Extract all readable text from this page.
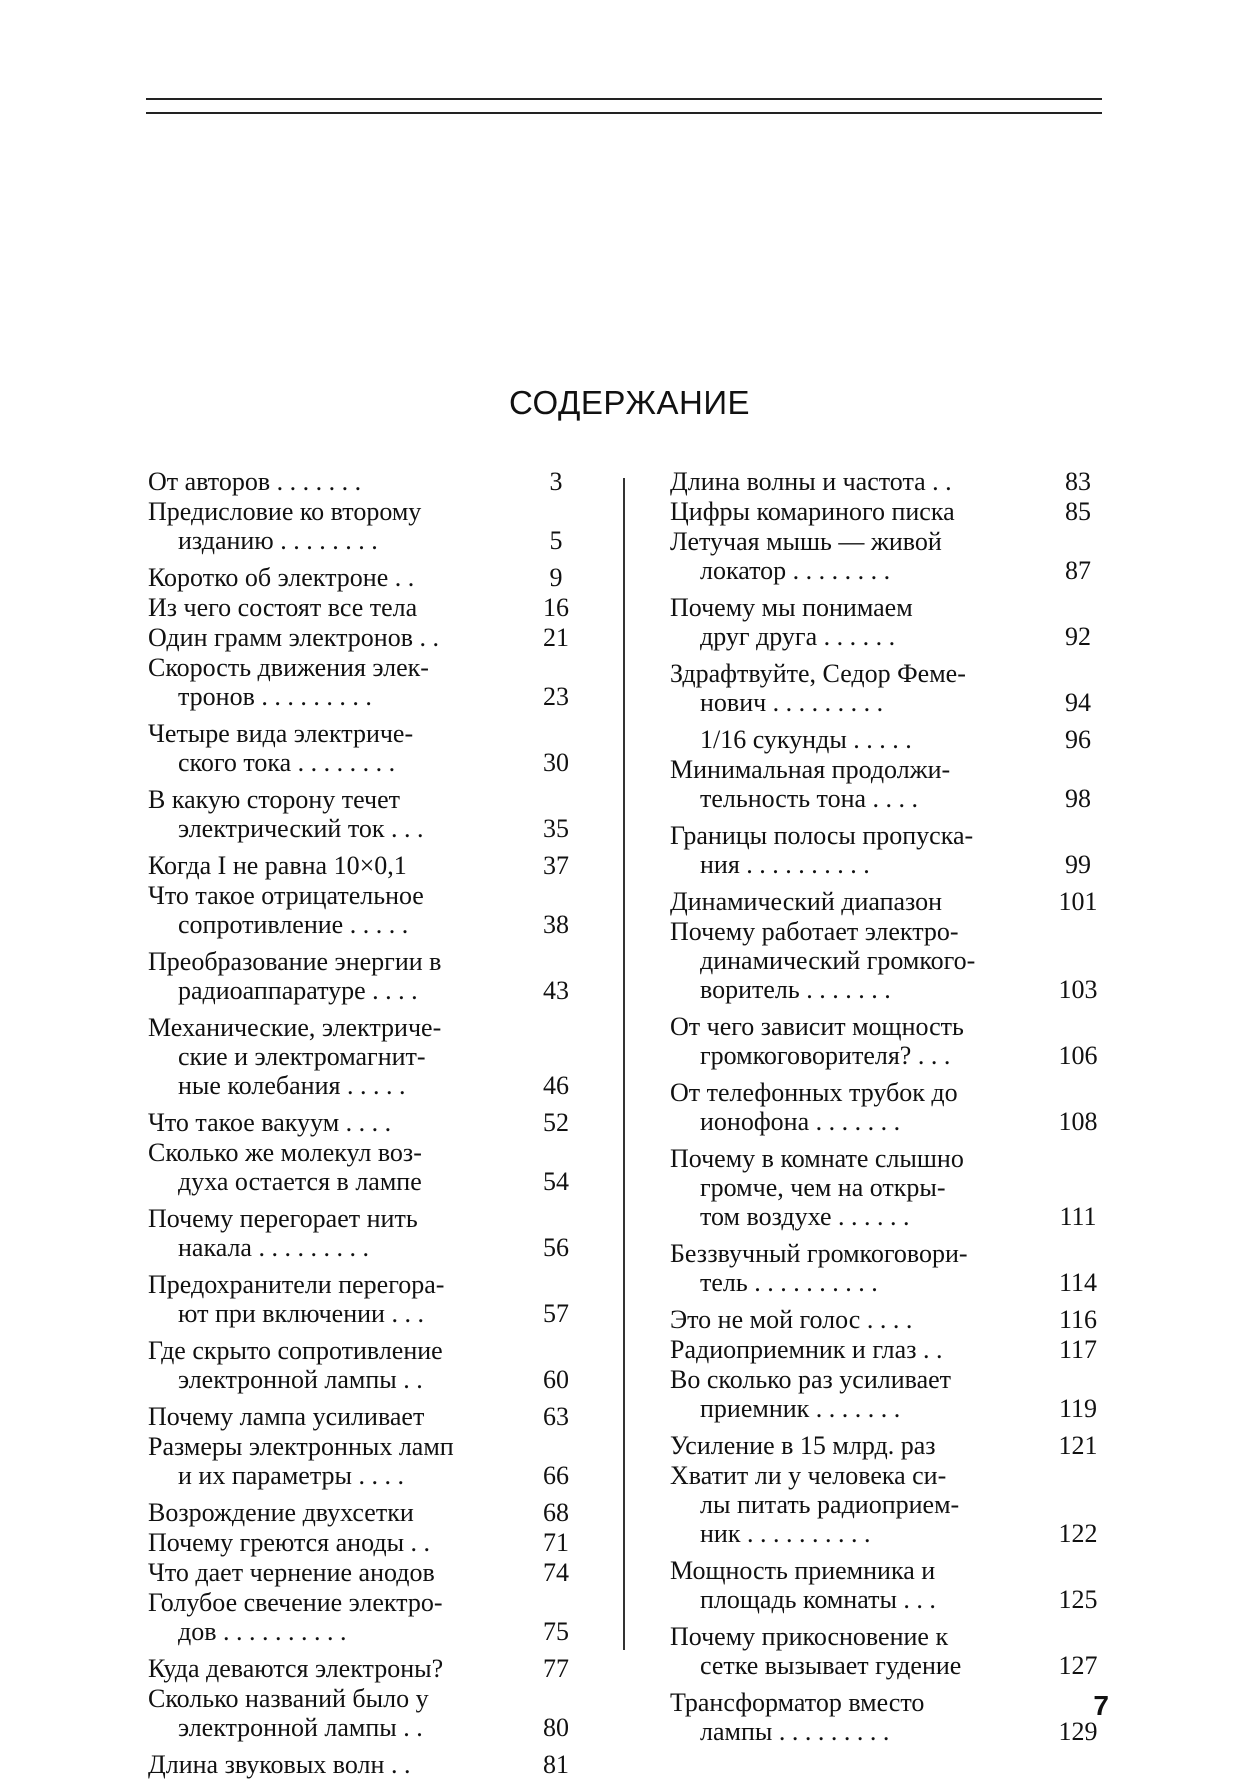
СОДЕРЖАНИЕ
От авторов . . . . . . .	3
Предисловие ко второму
изданию . . . . . . . .	5
Коротко об электроне . .	9
Из чего состоят все тела	16
Один грамм электронов . .	21
Скорость движения элек-
тронов . . . . . . . . .	23
Четыре вида электриче-
ского тока . . . . . . . .	30
В какую сторону течет
электрический ток . . .	35
Когда I не равна 10×0,1	37
Что такое отрицательное
сопротивление . . . . .	38
Преобразование энергии в
радиоаппаратуре . . . .	43
Механические, электриче-
ские и электромагнит-
ные колебания . . . . .	46
Что такое вакуум . . . .	52
Сколько же молекул воз-
духа остается в лампе	54
Почему перегорает нить
накала . . . . . . . . .	56
Предохранители перегора-
ют при включении . . .	57
Где скрыто сопротивление
электронной лампы . .	60
Почему лампа усиливает	63
Размеры электронных ламп
и их параметры . . . .	66
Возрождение двухсетки	68
Почему греются аноды . .	71
Что дает чернение анодов	74
Голубое свечение электро-
дов . . . . . . . . . .	75
Куда деваются электроны?	77
Сколько названий было у
электронной лампы . .	80
Длина звуковых волн . .	81
Длина волны и частота . .	83
Цифры комариного писка	85
Летучая мышь — живой
локатор . . . . . . . .	87
Почему мы понимаем
друг друга . . . . . .	92
Здрафтвуйте, Седор Феме-
нович . . . . . . . . .	94
1/16 сукунды . . . . .	96
Минимальная продолжи-
тельность тона . . . .	98
Границы полосы пропуска-
ния . . . . . . . . . .	99
Динамический диапазон	101
Почему работает электро-
динамический громкого-
воритель . . . . . . .	103
От чего зависит мощность
громкоговорителя? . . .	106
От телефонных трубок до
ионофона . . . . . . .	108
Почему в комнате слышно
громче, чем на откры-
том воздухе . . . . . .	111
Беззвучный громкоговори-
тель . . . . . . . . . .	114
Это не мой голос . . . .	116
Радиоприемник и глаз . .	117
Во сколько раз усиливает
приемник . . . . . . .	119
Усиление в 15 млрд. раз	121
Хватит ли у человека си-
лы питать радиоприем-
ник . . . . . . . . . .	122
Мощность приемника и
площадь комнаты . . .	125
Почему прикосновение к
сетке вызывает гудение	127
Трансформатор вместо
лампы . . . . . . . . .	129
7
